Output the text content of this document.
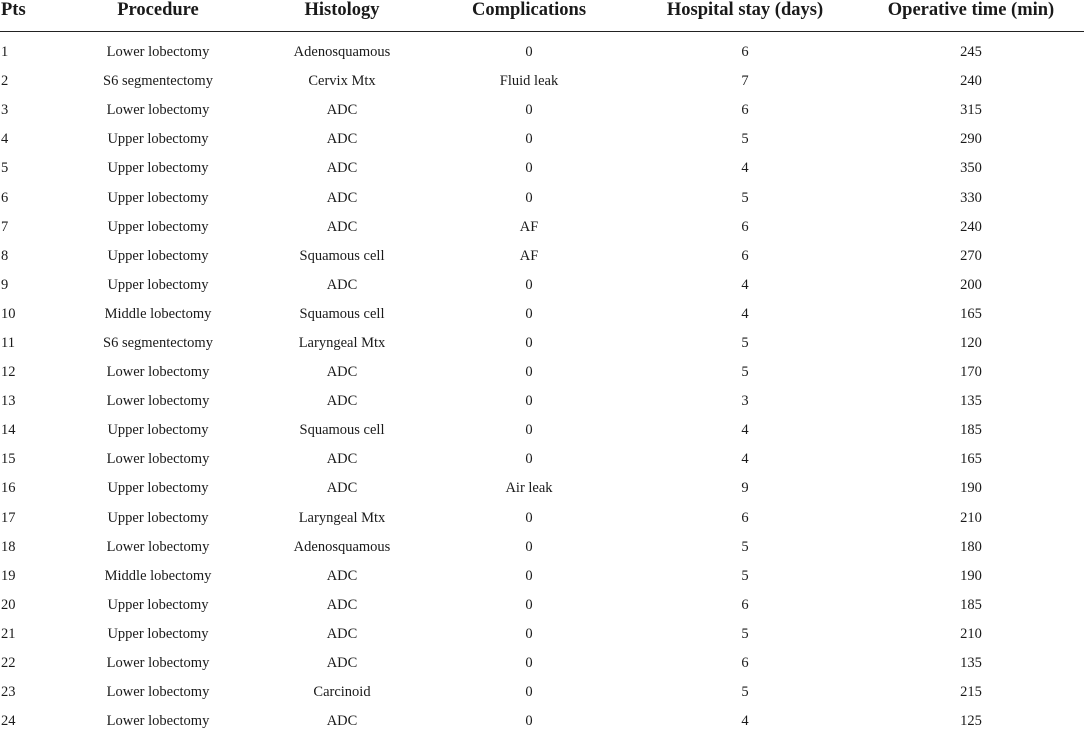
Pts	Procedure	Histology	Complications	Hospital stay (days)	Operative time (min)
1	Lower lobectomy	Adenosquamous	0	6	245
2	S6 segmentectomy	Cervix Mtx	Fluid leak	7	240
3	Lower lobectomy	ADC	0	6	315
4	Upper lobectomy	ADC	0	5	290
5	Upper lobectomy	ADC	0	4	350
6	Upper lobectomy	ADC	0	5	330
7	Upper lobectomy	ADC	AF	6	240
8	Upper lobectomy	Squamous cell	AF	6	270
9	Upper lobectomy	ADC	0	4	200
10	Middle lobectomy	Squamous cell	0	4	165
11	S6 segmentectomy	Laryngeal Mtx	0	5	120
12	Lower lobectomy	ADC	0	5	170
13	Lower lobectomy	ADC	0	3	135
14	Upper lobectomy	Squamous cell	0	4	185
15	Lower lobectomy	ADC	0	4	165
16	Upper lobectomy	ADC	Air leak	9	190
17	Upper lobectomy	Laryngeal Mtx	0	6	210
18	Lower lobectomy	Adenosquamous	0	5	180
19	Middle lobectomy	ADC	0	5	190
20	Upper lobectomy	ADC	0	6	185
21	Upper lobectomy	ADC	0	5	210
22	Lower lobectomy	ADC	0	6	135
23	Lower lobectomy	Carcinoid	0	5	215
24	Lower lobectomy	ADC	0	4	125
